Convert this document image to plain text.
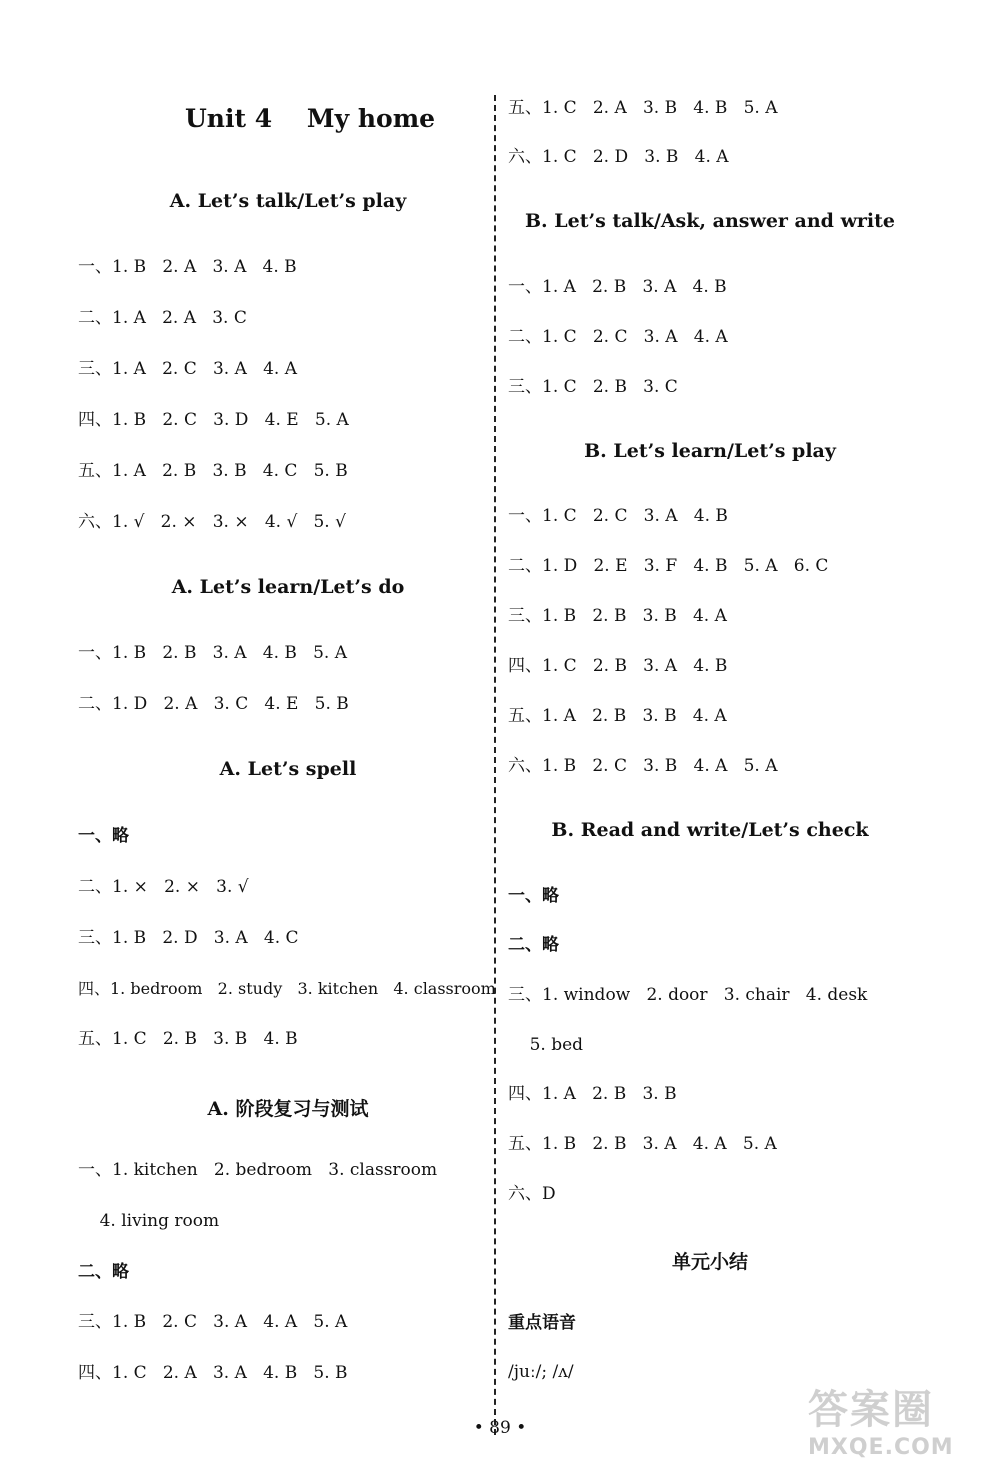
Unit 4    My home
A. Let’s talk/Let’s play
一、1. B   2. A   3. A   4. B
二、1. A   2. A   3. C
三、1. A   2. C   3. A   4. A
四、1. B   2. C   3. D   4. E   5. A
五、1. A   2. B   3. B   4. C   5. B
六、1. √   2. ×   3. ×   4. √   5. √
A. Let’s learn/Let’s do
一、1. B   2. B   3. A   4. B   5. A
二、1. D   2. A   3. C   4. E   5. B
A. Let’s spell
一、略
二、1. ×   2. ×   3. √
三、1. B   2. D   3. A   4. C
四、1. bedroom   2. study   3. kitchen   4. classroom
五、1. C   2. B   3. B   4. B
A. 阶段复习与测试
一、1. kitchen   2. bedroom   3. classroom
4. living room
二、略
三、1. B   2. C   3. A   4. A   5. A
四、1. C   2. A   3. A   4. B   5. B
五、1. C   2. A   3. B   4. B   5. A
六、1. C   2. D   3. B   4. A
B. Let’s talk/Ask, answer and write
一、1. A   2. B   3. A   4. B
二、1. C   2. C   3. A   4. A
三、1. C   2. B   3. C
B. Let’s learn/Let’s play
一、1. C   2. C   3. A   4. B
二、1. D   2. E   3. F   4. B   5. A   6. C
三、1. B   2. B   3. B   4. A
四、1. C   2. B   3. A   4. B
五、1. A   2. B   3. B   4. A
六、1. B   2. C   3. B   4. A   5. A
B. Read and write/Let’s check
一、略
二、略
三、1. window   2. door   3. chair   4. desk
5. bed
四、1. A   2. B   3. B
五、1. B   2. B   3. A   4. A   5. A
六、D
单元小结
重点语音
/juː/; /ʌ/
• 89 •	答案圈
MXQE.COM
